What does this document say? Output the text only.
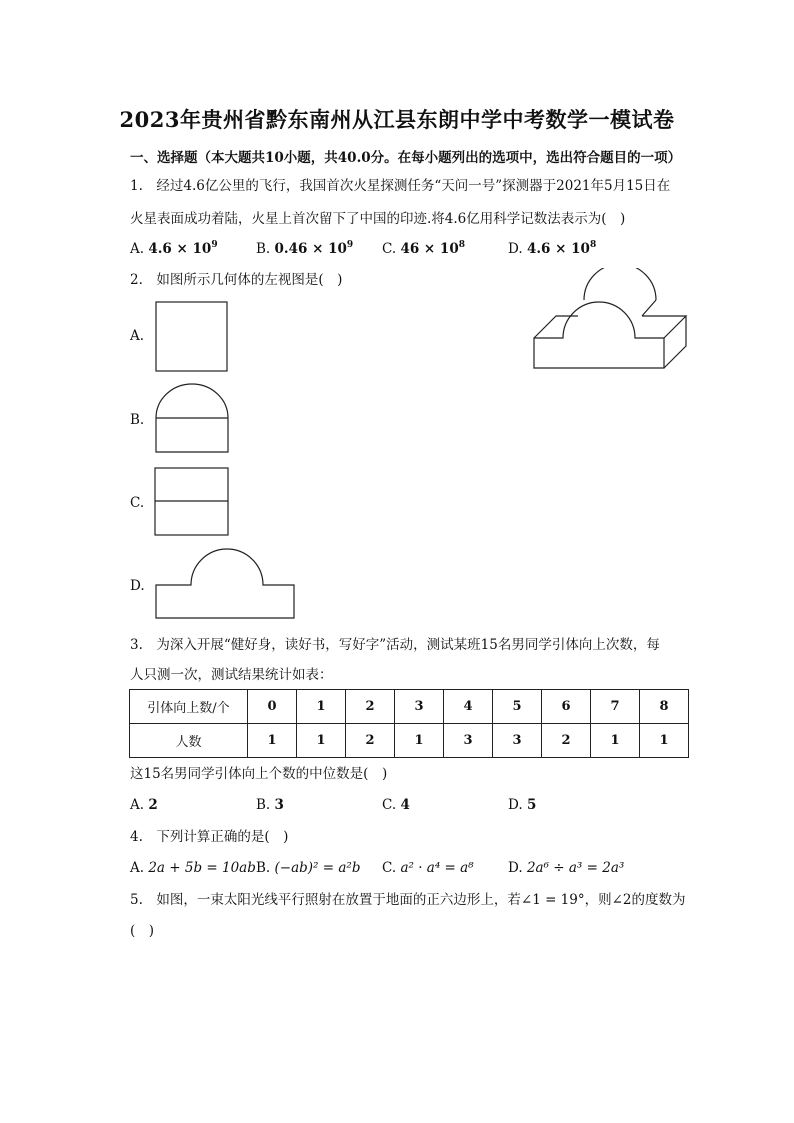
2023年贵州省黔东南州从江县东朗中学中考数学一模试卷
一、选择题（本大题共10小题，共40.0分。在每小题列出的选项中，选出符合题目的一项）
1.　经过4.6亿公里的飞行，我国首次火星探测任务“天问一号”探测器于2021年5月15日在
火星表面成功着陆，火星上首次留下了中国的印迹.将4.6亿用科学记数法表示为(　)
A. $4.6 \times 10^9$	B. $0.46 \times 10^9$ C. $46 \times 10^8$	D. $4.6 \times 10^8$
2.　如图所示几何体的左视图是(　)
A.
B.
C.
D.
3.　为深入开展“健好身，读好书，写好字”活动，测试某班15名男同学引体向上次数，每
人只测一次，测试结果统计如表：
引体向上数/个	0	1	2	3	4	5	6	7	8
人数	1	1	2	1	3	3	2	1	1
这15名男同学引体向上个数的中位数是(　)
A. 2	B. 3	C. 4	D. 5
4.　下列计算正确的是(　)
A. 2a + 5b = 10ab B. (−ab)² = a²b C. a² · a⁴ = a⁸	D. 2a⁶ ÷ a³ = 2a³
5.　如图，一束太阳光线平行照射在放置于地面的正六边形上，若∠1 = 19°，则∠2的度数为
(　)
